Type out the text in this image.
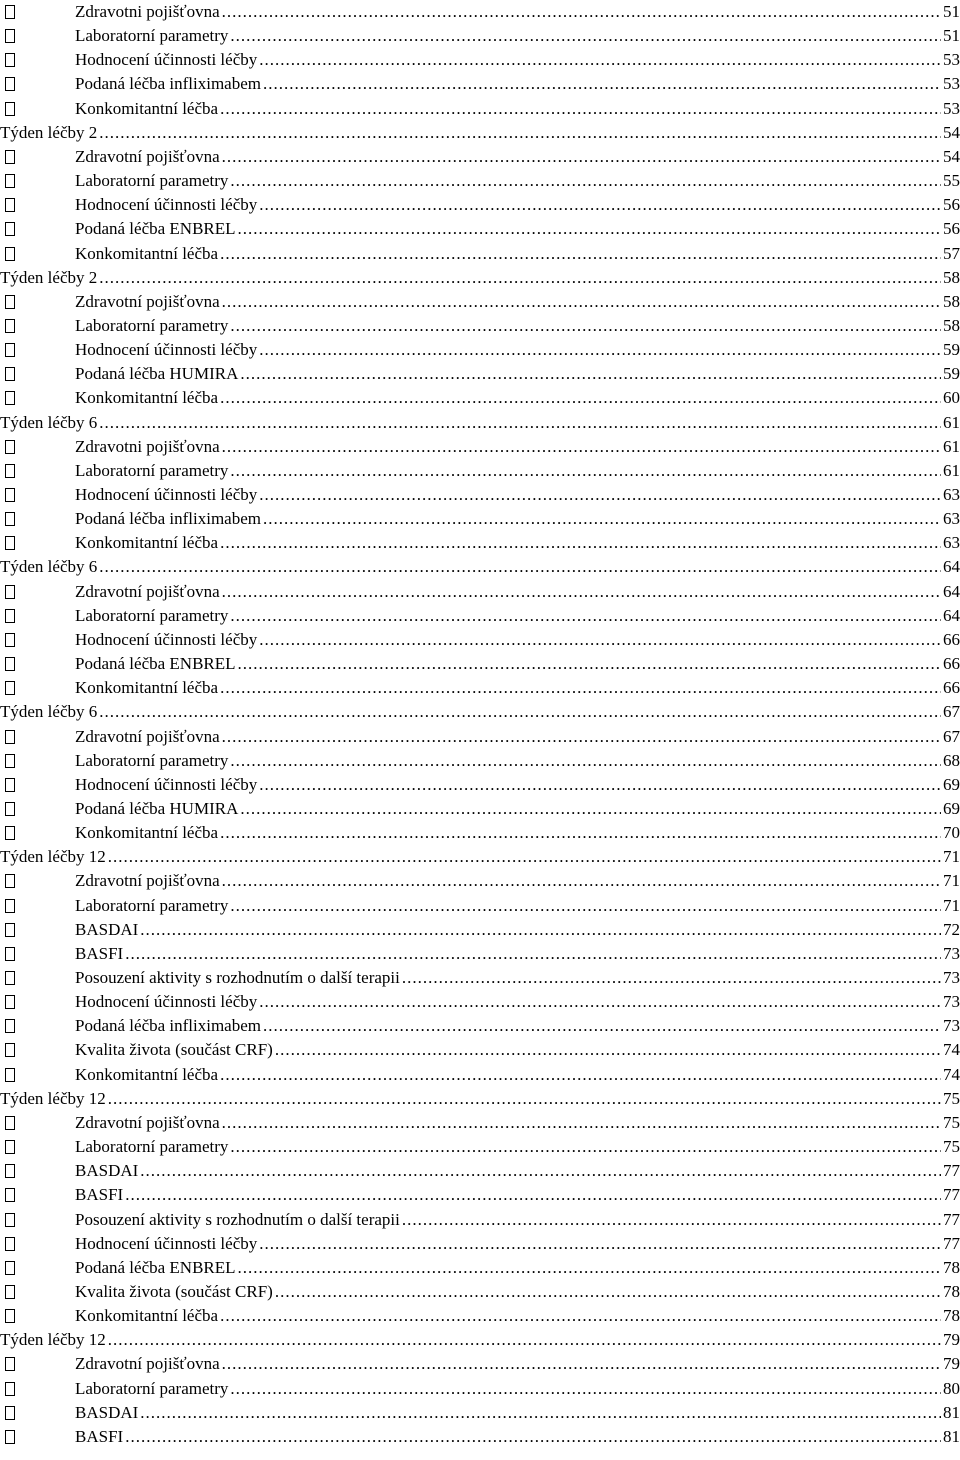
Zdravotni pojišťovna .....	51
Laboratorní parametry .....	51
Hodnocení účinnosti léčby .....	53
Podaná léčba infliximabem .....	53
Konkomitantní léčba .....	53
Týden léčby 2 .....	54
Zdravotní pojišťovna .....	54
Laboratorní parametry .....	55
Hodnocení účinnosti léčby .....	56
Podaná léčba ENBREL .....	56
Konkomitantní léčba .....	57
Týden léčby 2 .....	58
Zdravotní pojišťovna .....	58
Laboratorní parametry .....	58
Hodnocení účinnosti léčby .....	59
Podaná léčba HUMIRA .....	59
Konkomitantní léčba .....	60
Týden léčby 6 .....	61
Zdravotni pojišťovna .....	61
Laboratorní parametry .....	61
Hodnocení účinnosti léčby .....	63
Podaná léčba infliximabem .....	63
Konkomitantní léčba .....	63
Týden léčby 6 .....	64
Zdravotní pojišťovna .....	64
Laboratorní parametry .....	64
Hodnocení účinnosti léčby .....	66
Podaná léčba ENBREL .....	66
Konkomitantní léčba .....	66
Týden léčby 6 .....	67
Zdravotní pojišťovna .....	67
Laboratorní parametry .....	68
Hodnocení účinnosti léčby .....	69
Podaná léčba HUMIRA .....	69
Konkomitantní léčba .....	70
Týden léčby 12 .....	71
Zdravotní pojišťovna .....	71
Laboratorní parametry .....	71
BASDAI .....	72
BASFI .....	73
Posouzení aktivity s rozhodnutím o další terapii .....	73
Hodnocení účinnosti léčby .....	73
Podaná léčba infliximabem .....	73
Kvalita života (součást CRF) .....	74
Konkomitantní léčba .....	74
Týden léčby 12 .....	75
Zdravotní pojišťovna .....	75
Laboratorní parametry .....	75
BASDAI .....	77
BASFI .....	77
Posouzení aktivity s rozhodnutím o další terapii .....	77
Hodnocení účinnosti léčby .....	77
Podaná léčba ENBREL .....	78
Kvalita života (součást CRF) .....	78
Konkomitantní léčba .....	78
Týden léčby 12 .....	79
Zdravotní pojišťovna .....	79
Laboratorní parametry .....	80
BASDAI .....	81
BASFI .....	81
